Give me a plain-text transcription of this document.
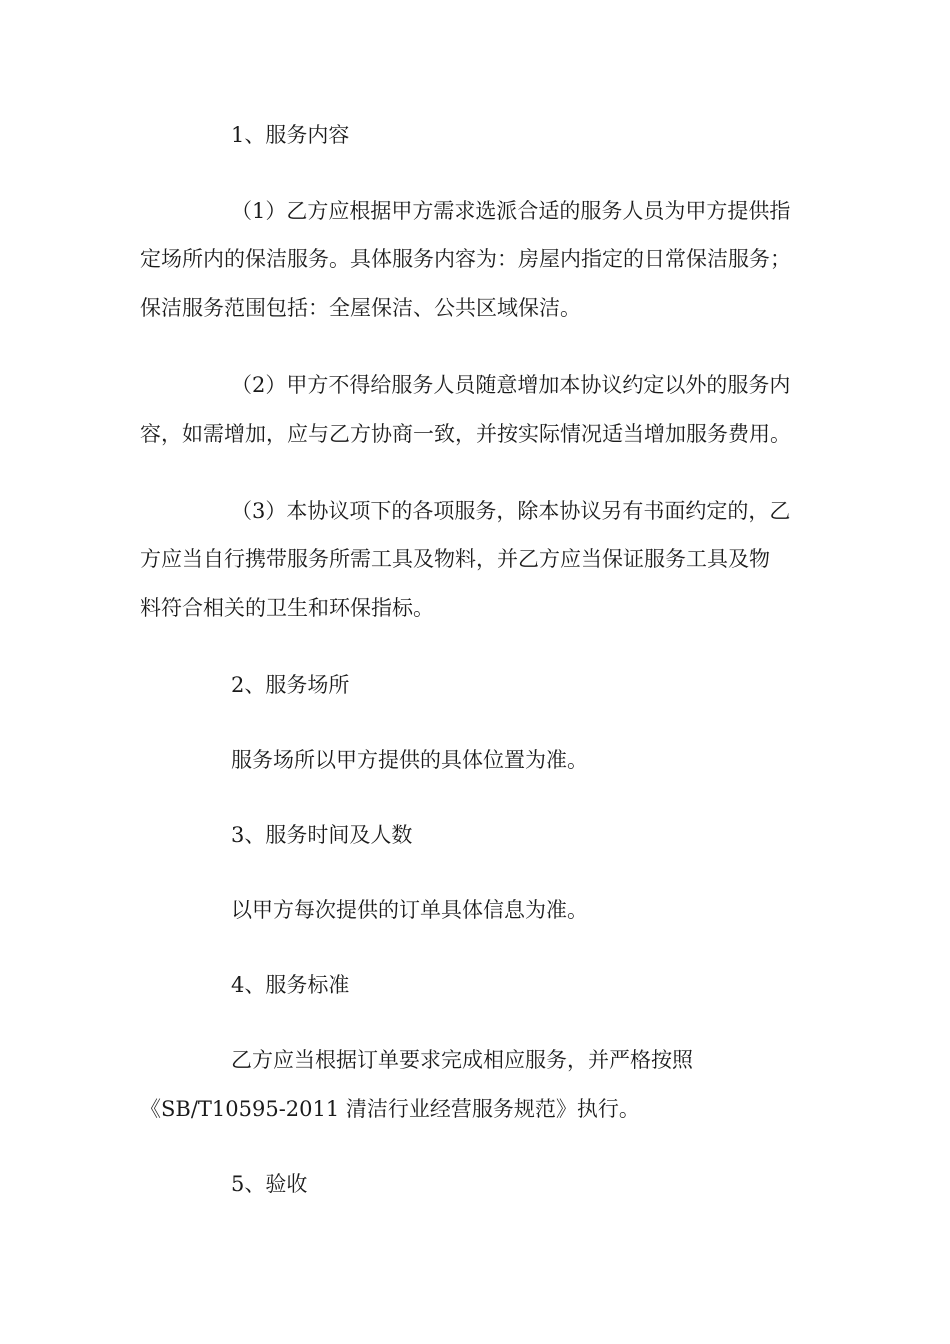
1、服务内容
（1）乙方应根据甲方需求选派合适的服务人员为甲方提供指
定场所内的保洁服务。具体服务内容为：房屋内指定的日常保洁服务；
保洁服务范围包括：全屋保洁、公共区域保洁。
（2）甲方不得给服务人员随意增加本协议约定以外的服务内
容，如需增加，应与乙方协商一致，并按实际情况适当增加服务费用。
（3）本协议项下的各项服务，除本协议另有书面约定的，乙
方应当自行携带服务所需工具及物料，并乙方应当保证服务工具及物
料符合相关的卫生和环保指标。
2、服务场所
服务场所以甲方提供的具体位置为准。
3、服务时间及人数
以甲方每次提供的订单具体信息为准。
4、服务标准
乙方应当根据订单要求完成相应服务，并严格按照
《SB/T10595-2011 清洁行业经营服务规范》执行。
5、验收
